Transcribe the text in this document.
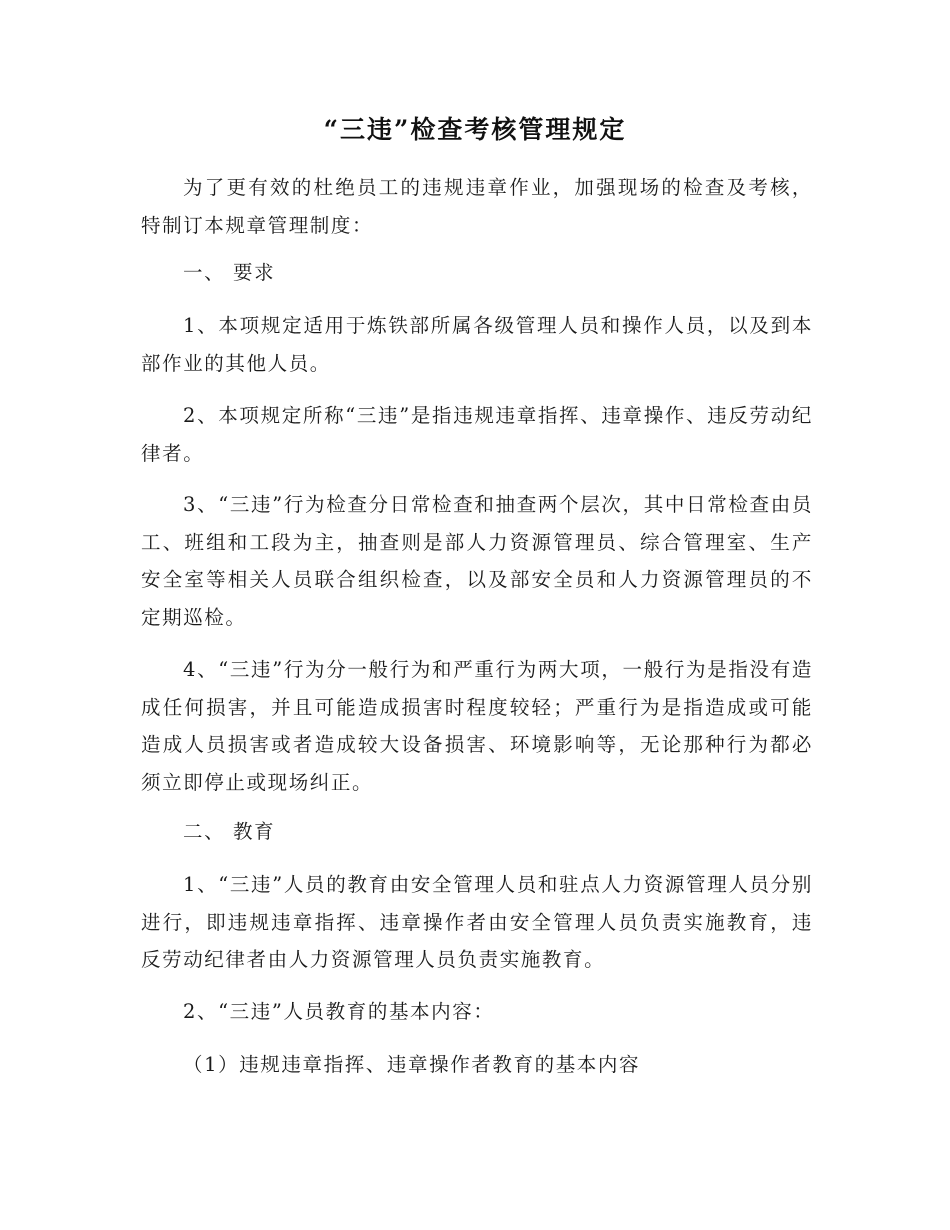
“三违”检查考核管理规定

为了更有效的杜绝员工的违规违章作业，加强现场的检查及考核，特制订本规章管理制度：

一、 要求

1、本项规定适用于炼铁部所属各级管理人员和操作人员，以及到本部作业的其他人员。

2、本项规定所称“三违”是指违规违章指挥、违章操作、违反劳动纪律者。

3、“三违”行为检查分日常检查和抽查两个层次，其中日常检查由员工、班组和工段为主，抽查则是部人力资源管理员、综合管理室、生产安全室等相关人员联合组织检查，以及部安全员和人力资源管理员的不定期巡检。

4、“三违”行为分一般行为和严重行为两大项，一般行为是指没有造成任何损害，并且可能造成损害时程度较轻；严重行为是指造成或可能造成人员损害或者造成较大设备损害、环境影响等，无论那种行为都必须立即停止或现场纠正。

二、 教育

1、“三违”人员的教育由安全管理人员和驻点人力资源管理人员分别进行，即违规违章指挥、违章操作者由安全管理人员负责实施教育，违反劳动纪律者由人力资源管理人员负责实施教育。

2、“三违”人员教育的基本内容：

（1）违规违章指挥、违章操作者教育的基本内容
